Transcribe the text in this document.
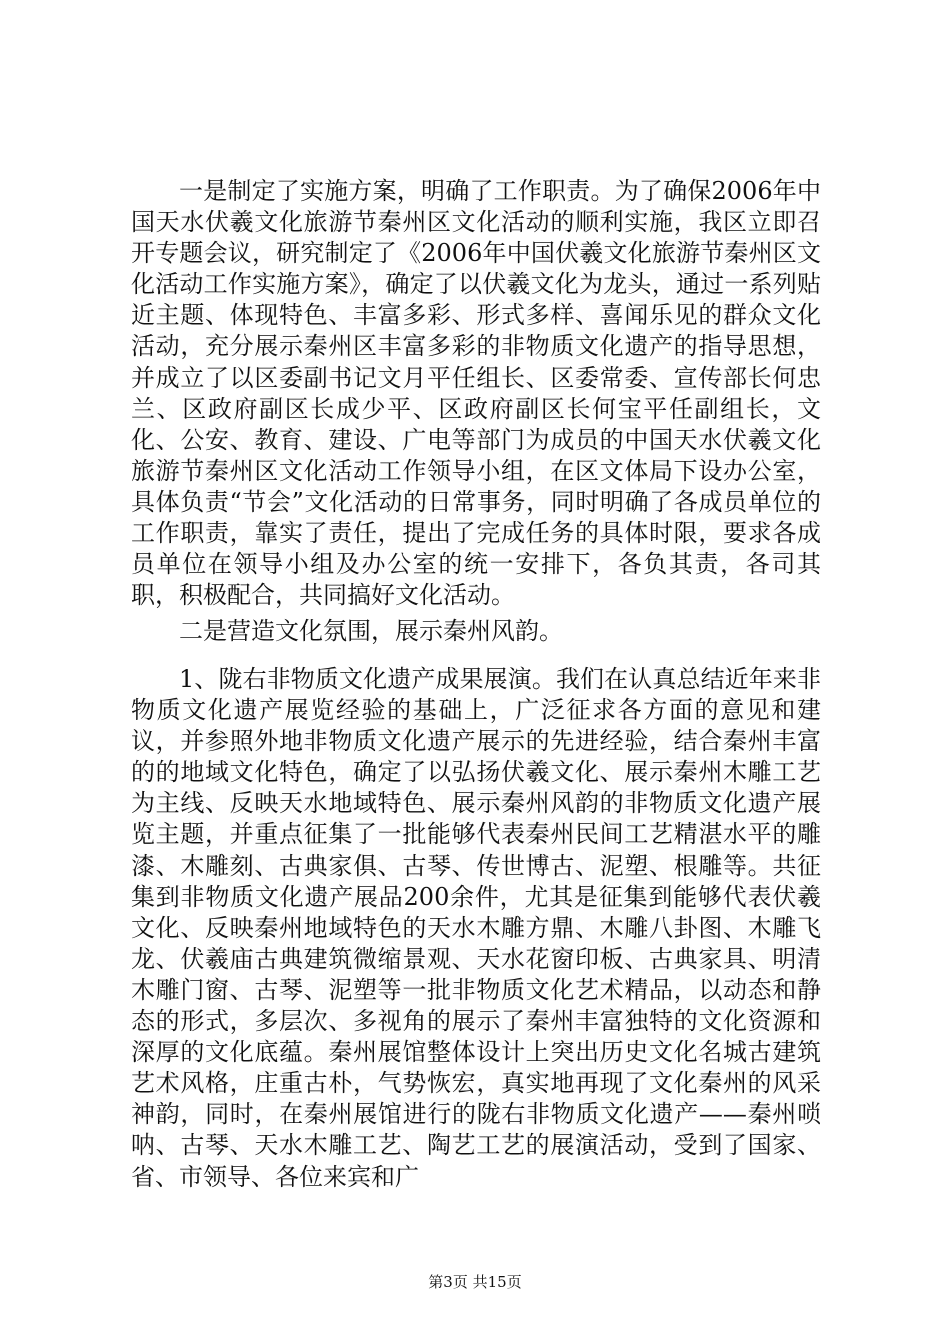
一是制定了实施方案，明确了工作职责。为了确保2006年中国天水伏羲文化旅游节秦州区文化活动的顺利实施，我区立即召开专题会议，研究制定了《2006年中国伏羲文化旅游节秦州区文化活动工作实施方案》，确定了以伏羲文化为龙头，通过一系列贴近主题、体现特色、丰富多彩、形式多样、喜闻乐见的群众文化活动，充分展示秦州区丰富多彩的非物质文化遗产的指导思想，并成立了以区委副书记文月平任组长、区委常委、宣传部长何忠兰、区政府副区长成少平、区政府副区长何宝平任副组长，文化、公安、教育、建设、广电等部门为成员的中国天水伏羲文化旅游节秦州区文化活动工作领导小组，在区文体局下设办公室，具体负责“节会”文化活动的日常事务，同时明确了各成员单位的工作职责，靠实了责任，提出了完成任务的具体时限，要求各成员单位在领导小组及办公室的统一安排下，各负其责，各司其职，积极配合，共同搞好文化活动。

二是营造文化氛围，展示秦州风韵。

1、陇右非物质文化遗产成果展演。我们在认真总结近年来非物质文化遗产展览经验的基础上，广泛征求各方面的意见和建议，并参照外地非物质文化遗产展示的先进经验，结合秦州丰富的的地域文化特色，确定了以弘扬伏羲文化、展示秦州木雕工艺为主线、反映天水地域特色、展示秦州风韵的非物质文化遗产展览主题，并重点征集了一批能够代表秦州民间工艺精湛水平的雕漆、木雕刻、古典家俱、古琴、传世博古、泥塑、根雕等。共征集到非物质文化遗产展品200余件，尤其是征集到能够代表伏羲文化、反映秦州地域特色的天水木雕方鼎、木雕八卦图、木雕飞龙、伏羲庙古典建筑微缩景观、天水花窗印板、古典家具、明清木雕门窗、古琴、泥塑等一批非物质文化艺术精品，以动态和静态的形式，多层次、多视角的展示了秦州丰富独特的文化资源和深厚的文化底蕴。秦州展馆整体设计上突出历史文化名城古建筑艺术风格，庄重古朴，气势恢宏，真实地再现了文化秦州的风采神韵，同时，在秦州展馆进行的陇右非物质文化遗产——秦州唢呐、古琴、天水木雕工艺、陶艺工艺的展演活动，受到了国家、省、市领导、各位来宾和广

第3页 共15页
